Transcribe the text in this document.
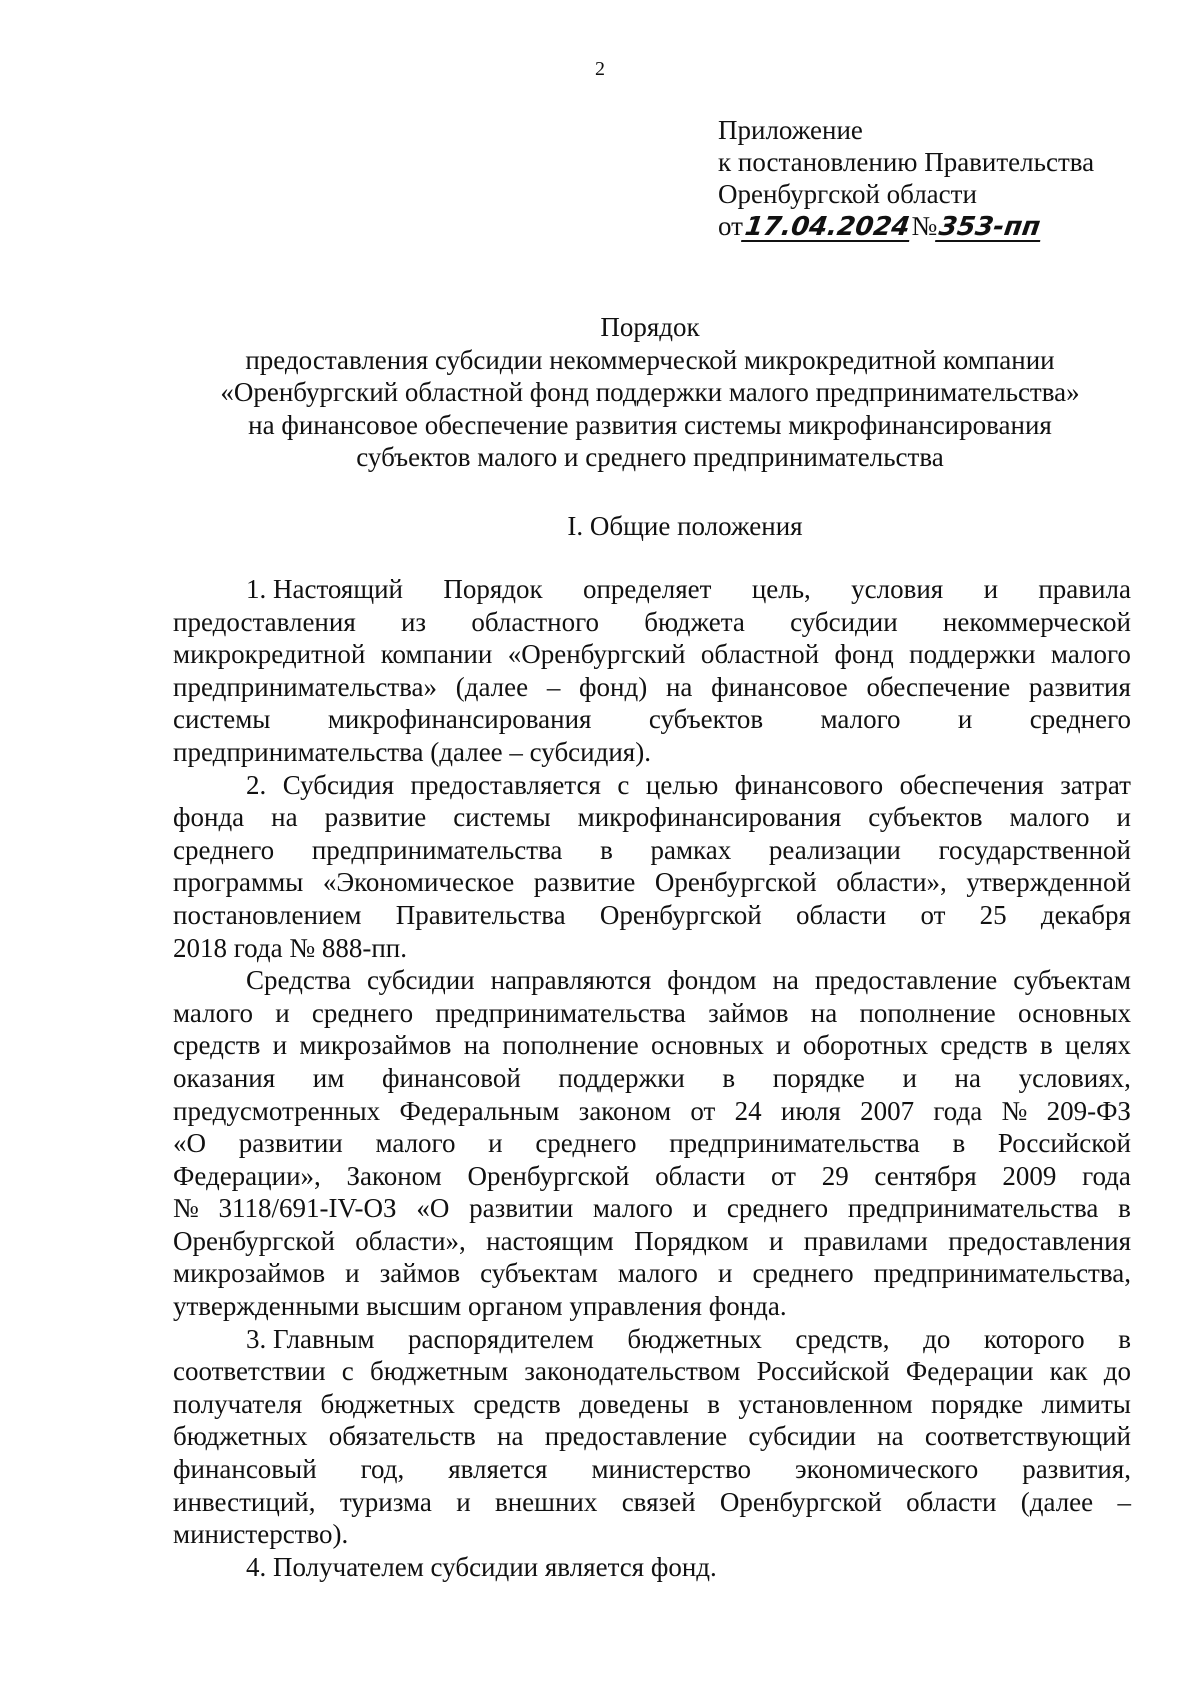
2
Приложение
к постановлению Правительства
Оренбургской области
от17.04.2024№353-пп
Порядок
предоставления субсидии некоммерческой микрокредитной компании
«Оренбургский областной фонд поддержки малого предпринимательства»
на финансовое обеспечение развития системы микрофинансирования
субъектов малого и среднего предпринимательства
I. Общие положения
1. Настоящий Порядок определяет цель, условия и правила
предоставления из областного бюджета субсидии некоммерческой
микрокредитной компании «Оренбургский областной фонд поддержки малого
предпринимательства» (далее – фонд) на финансовое обеспечение развития
системы микрофинансирования субъектов малого и среднего
предпринимательства (далее – субсидия).
2. Субсидия предоставляется с целью финансового обеспечения затрат
фонда на развитие системы микрофинансирования субъектов малого и
среднего предпринимательства в рамках реализации государственной
программы «Экономическое развитие Оренбургской области», утвержденной
постановлением Правительства Оренбургской области от 25 декабря
2018 года № 888-пп.
Средства субсидии направляются фондом на предоставление субъектам
малого и среднего предпринимательства займов на пополнение основных
средств и микрозаймов на пополнение основных и оборотных средств в целях
оказания им финансовой поддержки в порядке и на условиях,
предусмотренных Федеральным законом от 24 июля 2007 года № 209-ФЗ
«О развитии малого и среднего предпринимательства в Российской
Федерации», Законом Оренбургской области от 29 сентября 2009 года
№ 3118/691-IV-ОЗ «О развитии малого и среднего предпринимательства в
Оренбургской области», настоящим Порядком и правилами предоставления
микрозаймов и займов субъектам малого и среднего предпринимательства,
утвержденными высшим органом управления фонда.
3. Главным распорядителем бюджетных средств, до которого в
соответствии с бюджетным законодательством Российской Федерации как до
получателя бюджетных средств доведены в установленном порядке лимиты
бюджетных обязательств на предоставление субсидии на соответствующий
финансовый год, является министерство экономического развития,
инвестиций, туризма и внешних связей Оренбургской области (далее –
министерство).
4. Получателем субсидии является фонд.
